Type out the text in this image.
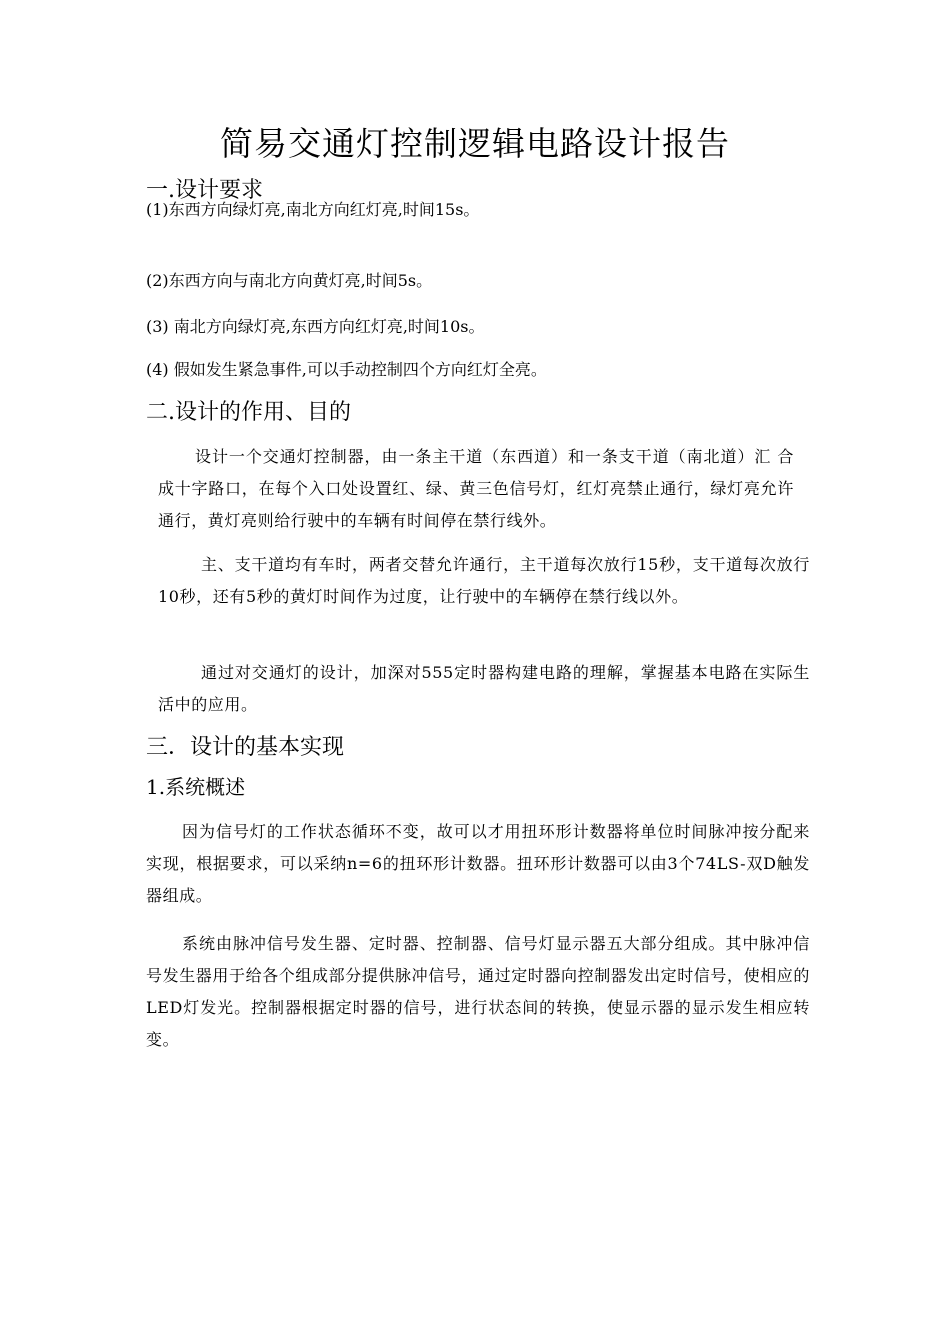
简易交通灯控制逻辑电路设计报告
一.设计要求
(1)东西方向绿灯亮,南北方向红灯亮,时间15s。
(2)东西方向与南北方向黄灯亮,时间5s。
(3) 南北方向绿灯亮,东西方向红灯亮,时间10s。
(4) 假如发生紧急事件,可以手动控制四个方向红灯全亮。
二.设计的作用、目的
设计一个交通灯控制器，由一条主干道（东西道）和一条支干道（南北道）汇 合成十字路口，在每个入口处设置红、绿、黄三色信号灯，红灯亮禁止通行，绿灯亮允许通行，黄灯亮则给行驶中的车辆有时间停在禁行线外。
主、支干道均有车时，两者交替允许通行，主干道每次放行15秒，支干道每次放行10秒，还有5秒的黄灯时间作为过度，让行驶中的车辆停在禁行线以外。
通过对交通灯的设计，加深对555定时器构建电路的理解，掌握基本电路在实际生活中的应用。
三．设计的基本实现
1.系统概述
因为信号灯的工作状态循环不变，故可以才用扭环形计数器将单位时间脉冲按分配来实现，根据要求，可以采纳n=6的扭环形计数器。扭环形计数器可以由3个74LS-双D触发器组成。
系统由脉冲信号发生器、定时器、控制器、信号灯显示器五大部分组成。其中脉冲信号发生器用于给各个组成部分提供脉冲信号，通过定时器向控制器发出定时信号，使相应的LED灯发光。控制器根据定时器的信号，进行状态间的转换，使显示器的显示发生相应转变。
